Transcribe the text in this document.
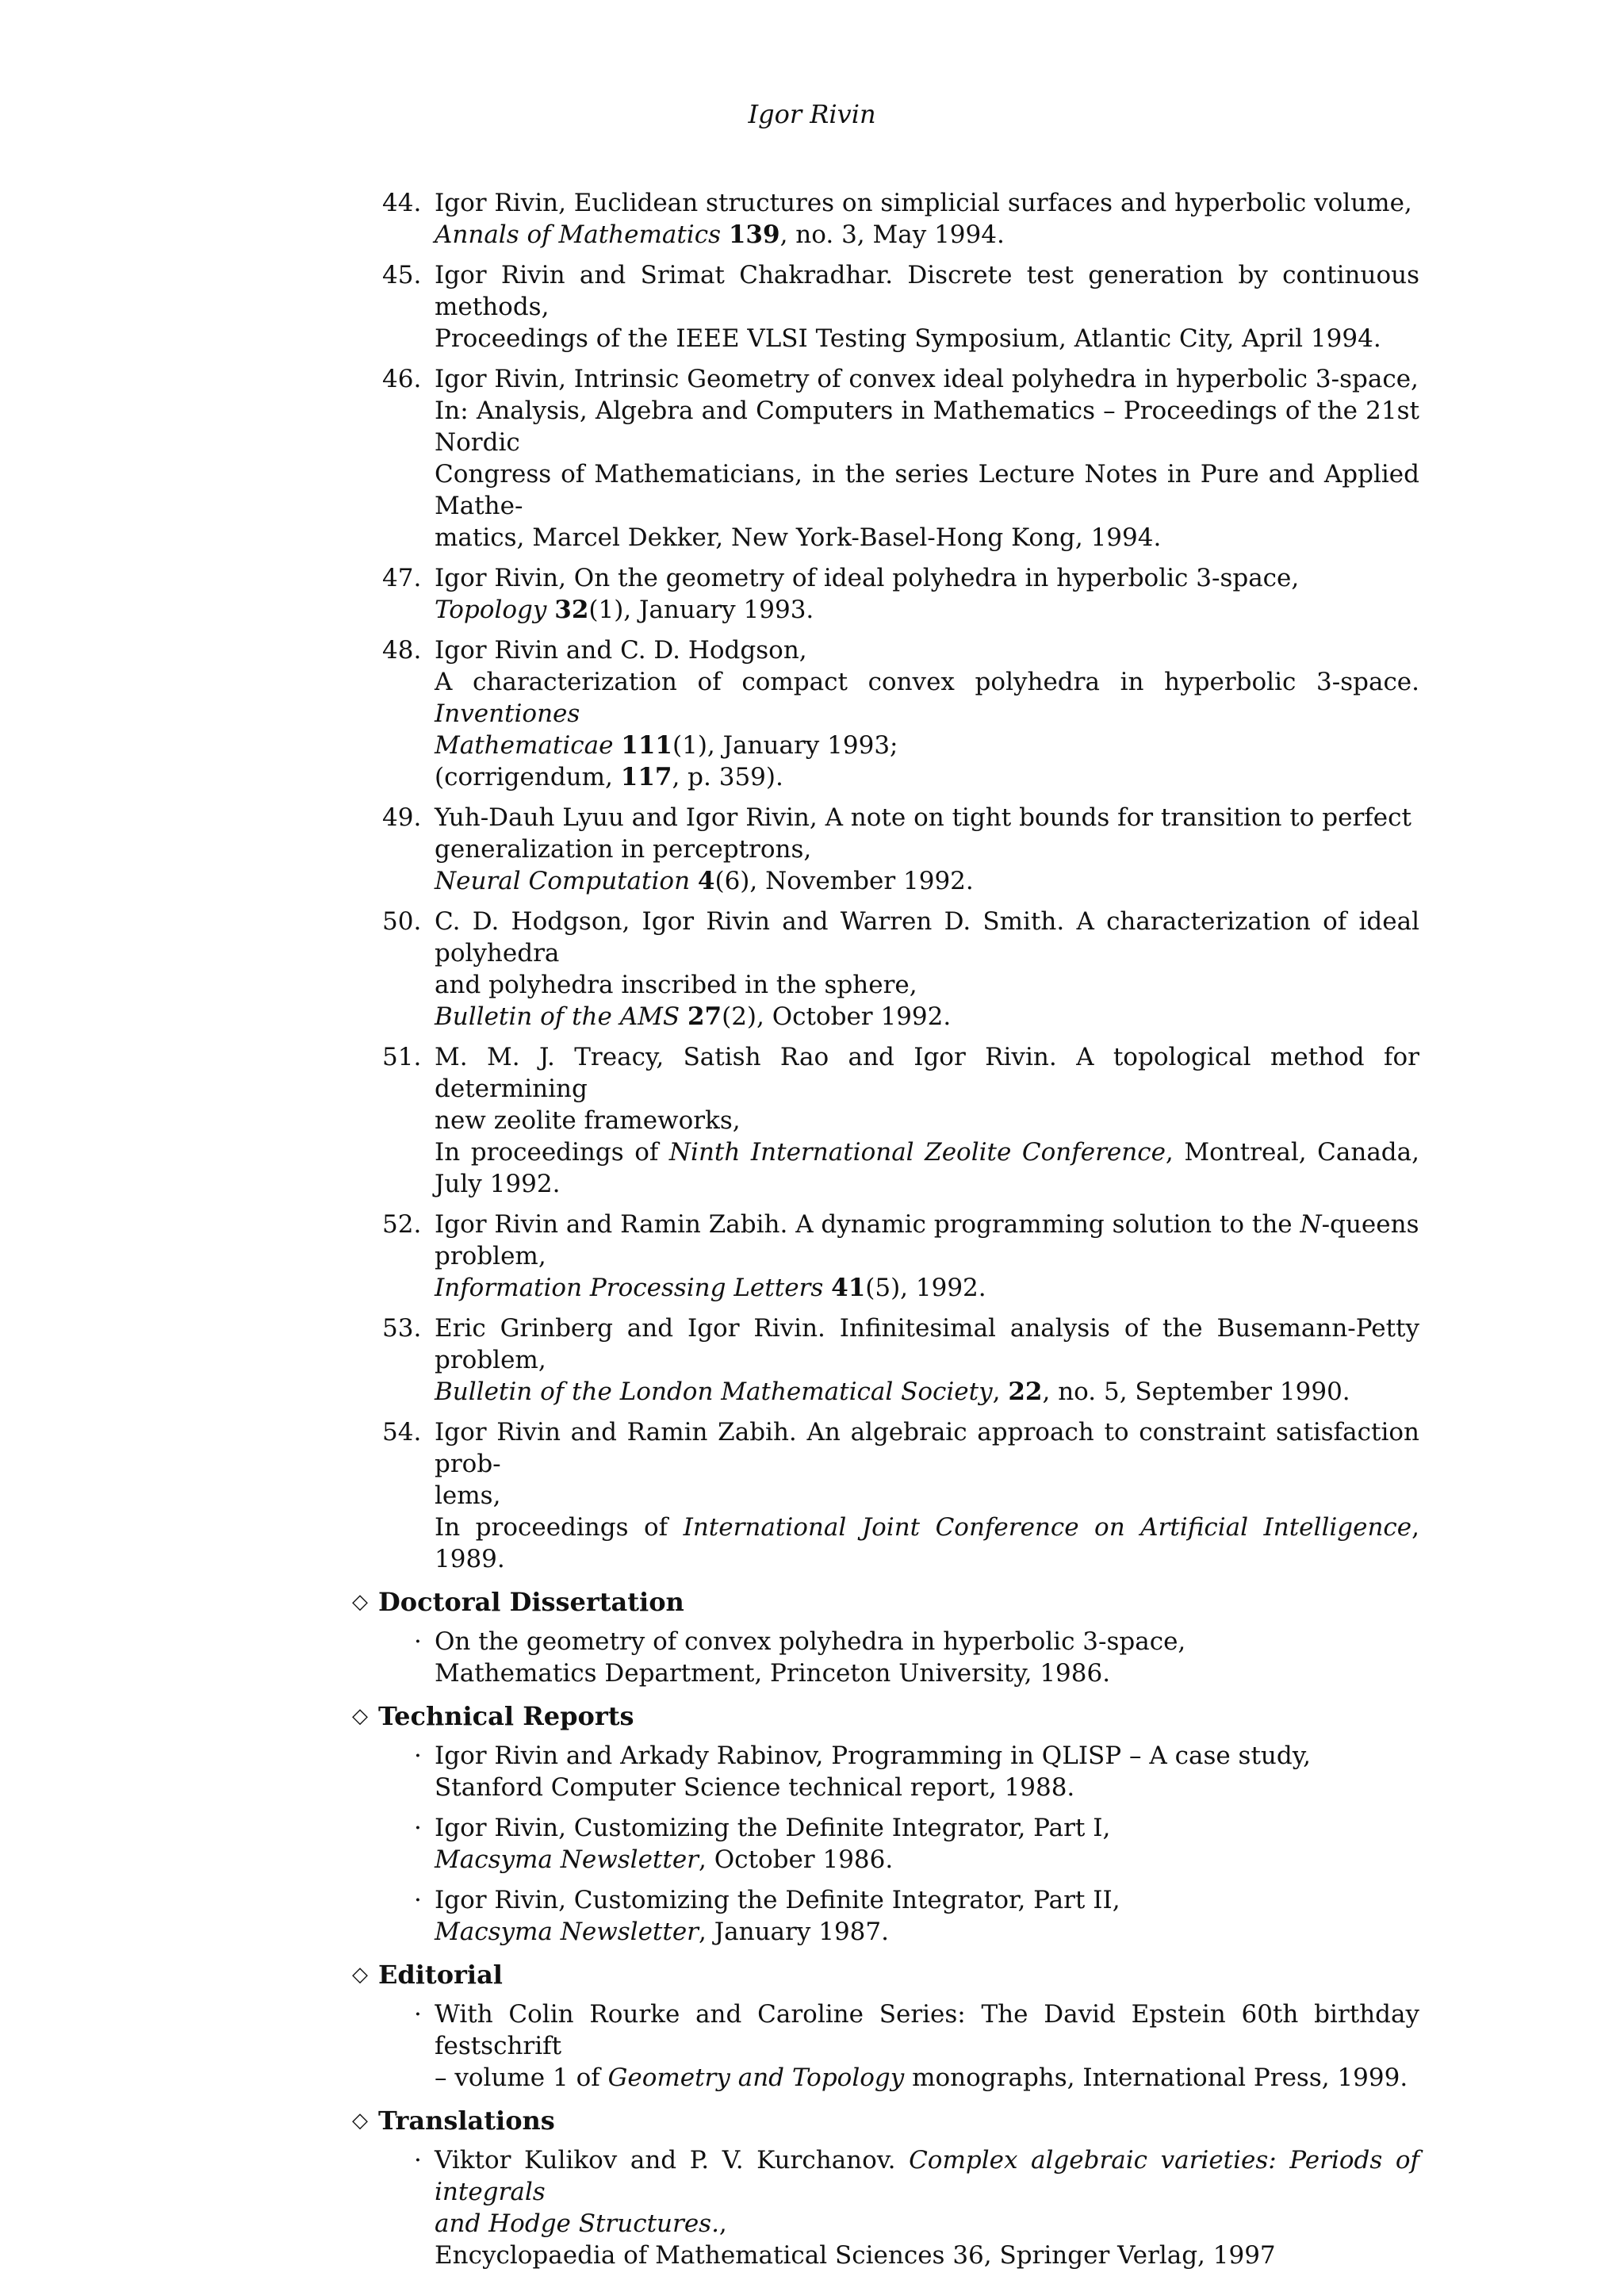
Igor Rivin
44. Igor Rivin, Euclidean structures on simplicial surfaces and hyperbolic volume,
Annals of Mathematics 139, no. 3, May 1994.
45. Igor Rivin and Srimat Chakradhar. Discrete test generation by continuous methods,
Proceedings of the IEEE VLSI Testing Symposium, Atlantic City, April 1994.
46. Igor Rivin, Intrinsic Geometry of convex ideal polyhedra in hyperbolic 3-space,
In: Analysis, Algebra and Computers in Mathematics – Proceedings of the 21st Nordic
Congress of Mathematicians, in the series Lecture Notes in Pure and Applied Mathe-
matics, Marcel Dekker, New York-Basel-Hong Kong, 1994.
47. Igor Rivin, On the geometry of ideal polyhedra in hyperbolic 3-space,
Topology 32(1), January 1993.
48. Igor Rivin and C. D. Hodgson,
A characterization of compact convex polyhedra in hyperbolic 3-space. Inventiones
Mathematicae 111(1), January 1993;
(corrigendum, 117, p. 359).
49. Yuh-Dauh Lyuu and Igor Rivin, A note on tight bounds for transition to perfect
generalization in perceptrons,
Neural Computation 4(6), November 1992.
50. C. D. Hodgson, Igor Rivin and Warren D. Smith. A characterization of ideal polyhedra
and polyhedra inscribed in the sphere,
Bulletin of the AMS 27(2), October 1992.
51. M. M. J. Treacy, Satish Rao and Igor Rivin. A topological method for determining
new zeolite frameworks,
In proceedings of Ninth International Zeolite Conference, Montreal, Canada, July 1992.
52. Igor Rivin and Ramin Zabih. A dynamic programming solution to the N-queens
problem,
Information Processing Letters 41(5), 1992.
53. Eric Grinberg and Igor Rivin. Infinitesimal analysis of the Busemann-Petty problem,
Bulletin of the London Mathematical Society, 22, no. 5, September 1990.
54. Igor Rivin and Ramin Zabih. An algebraic approach to constraint satisfaction prob-
lems,
In proceedings of International Joint Conference on Artificial Intelligence, 1989.
◇ Doctoral Dissertation
· On the geometry of convex polyhedra in hyperbolic 3-space,
Mathematics Department, Princeton University, 1986.
◇ Technical Reports
· Igor Rivin and Arkady Rabinov, Programming in QLISP – A case study,
Stanford Computer Science technical report, 1988.
· Igor Rivin, Customizing the Definite Integrator, Part I,
Macsyma Newsletter, October 1986.
· Igor Rivin, Customizing the Definite Integrator, Part II,
Macsyma Newsletter, January 1987.
◇ Editorial
· With Colin Rourke and Caroline Series: The David Epstein 60th birthday festschrift
– volume 1 of Geometry and Topology monographs, International Press, 1999.
◇ Translations
· Viktor Kulikov and P. V. Kurchanov. Complex algebraic varieties: Periods of integrals
and Hodge Structures.,
Encyclopaedia of Mathematical Sciences 36, Springer Verlag, 1997
